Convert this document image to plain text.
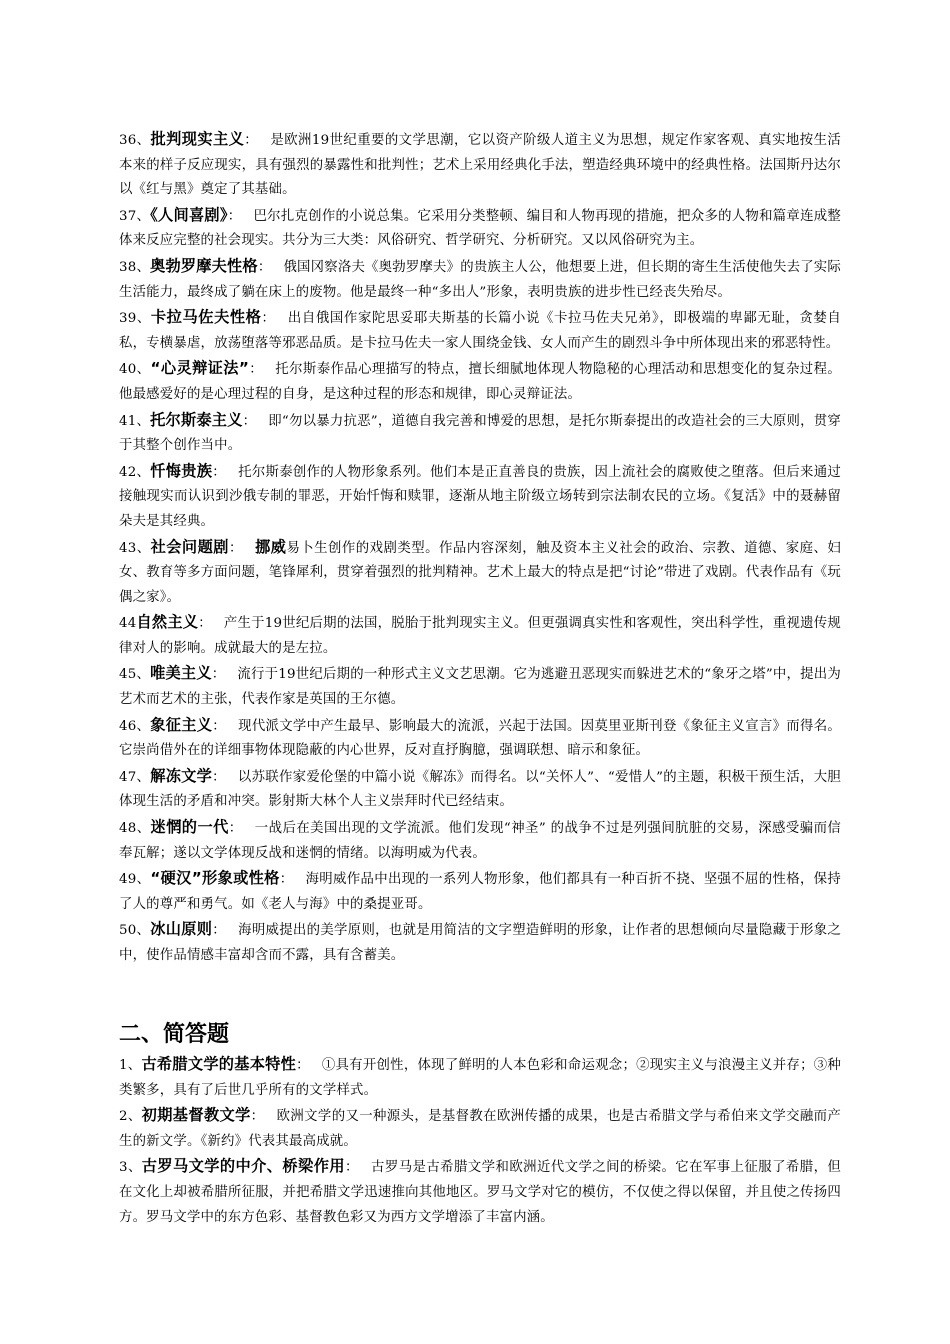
36、批判现实主义： 是欧洲19世纪重要的文学思潮，它以资产阶级人道主义为思想，规定作家客观、真实地按生活本来的样子反应现实，具有强烈的暴露性和批判性；艺术上采用经典化手法，塑造经典环境中的经典性格。法国斯丹达尔以《红与黑》奠定了其基础。

37、《人间喜剧》： 巴尔扎克创作的小说总集。它采用分类整顿、编目和人物再现的措施，把众多的人物和篇章连成整体来反应完整的社会现实。共分为三大类：风俗研究、哲学研究、分析研究。又以风俗研究为主。

38、奥勃罗摩夫性格： 俄国冈察洛夫《奥勃罗摩夫》的贵族主人公，他想要上进，但长期的寄生生活使他失去了实际生活能力，最终成了躺在床上的废物。他是最终一种“多出人”形象，表明贵族的进步性已经丧失殆尽。

39、卡拉马佐夫性格： 出自俄国作家陀思妥耶夫斯基的长篇小说《卡拉马佐夫兄弟》，即极端的卑鄙无耻，贪婪自私，专横暴虐，放荡堕落等邪恶品质。是卡拉马佐夫一家人围绕金钱、女人而产生的剧烈斗争中所体现出来的邪恶特性。

40、“心灵辩证法”： 托尔斯泰作品心理描写的特点，擅长细腻地体现人物隐秘的心理活动和思想变化的复杂过程。他最感爱好的是心理过程的自身，是这种过程的形态和规律，即心灵辩证法。

41、托尔斯泰主义： 即“勿以暴力抗恶”，道德自我完善和博爱的思想，是托尔斯泰提出的改造社会的三大原则，贯穿于其整个创作当中。

42、忏悔贵族： 托尔斯泰创作的人物形象系列。他们本是正直善良的贵族，因上流社会的腐败使之堕落。但后来通过接触现实而认识到沙俄专制的罪恶，开始忏悔和赎罪，逐渐从地主阶级立场转到宗法制农民的立场。《复活》中的聂赫留朵夫是其经典。

43、社会问题剧： 挪威易卜生创作的戏剧类型。作品内容深刻，触及资本主义社会的政治、宗教、道德、家庭、妇女、教育等多方面问题，笔锋犀利，贯穿着强烈的批判精神。艺术上最大的特点是把“讨论”带进了戏剧。代表作品有《玩偶之家》。

44自然主义： 产生于19世纪后期的法国，脱胎于批判现实主义。但更强调真实性和客观性，突出科学性，重视遗传规律对人的影响。成就最大的是左拉。

45、唯美主义： 流行于19世纪后期的一种形式主义文艺思潮。它为逃避丑恶现实而躲进艺术的“象牙之塔”中，提出为艺术而艺术的主张，代表作家是英国的王尔德。

46、象征主义： 现代派文学中产生最早、影响最大的流派，兴起于法国。因莫里亚斯刊登《象征主义宣言》而得名。它崇尚借外在的详细事物体现隐蔽的内心世界，反对直抒胸臆，强调联想、暗示和象征。

47、解冻文学： 以苏联作家爱伦堡的中篇小说《解冻》而得名。以“关怀人”、“爱惜人”的主题，积极干预生活，大胆体现生活的矛盾和冲突。影射斯大林个人主义崇拜时代已经结束。

48、迷惘的一代： 一战后在美国出现的文学流派。他们发现“神圣” 的战争不过是列强间肮脏的交易，深感受骗而信奉瓦解；遂以文学体现反战和迷惘的情绪。以海明威为代表。

49、“硬汉”形象或性格： 海明威作品中出现的一系列人物形象，他们都具有一种百折不挠、坚强不屈的性格，保持了人的尊严和勇气。如《老人与海》中的桑提亚哥。

50、冰山原则： 海明威提出的美学原则，也就是用简洁的文字塑造鲜明的形象，让作者的思想倾向尽量隐藏于形象之中，使作品情感丰富却含而不露，具有含蓄美。

二、简答题

1、古希腊文学的基本特性： ①具有开创性，体现了鲜明的人本色彩和命运观念；②现实主义与浪漫主义并存；③种类繁多，具有了后世几乎所有的文学样式。

2、初期基督教文学： 欧洲文学的又一种源头，是基督教在欧洲传播的成果，也是古希腊文学与希伯来文学交融而产生的新文学。《新约》代表其最高成就。

3、古罗马文学的中介、桥梁作用： 古罗马是古希腊文学和欧洲近代文学之间的桥梁。它在军事上征服了希腊，但在文化上却被希腊所征服，并把希腊文学迅速推向其他地区。罗马文学对它的模仿，不仅使之得以保留，并且使之传扬四方。罗马文学中的东方色彩、基督教色彩又为西方文学增添了丰富内涵。
